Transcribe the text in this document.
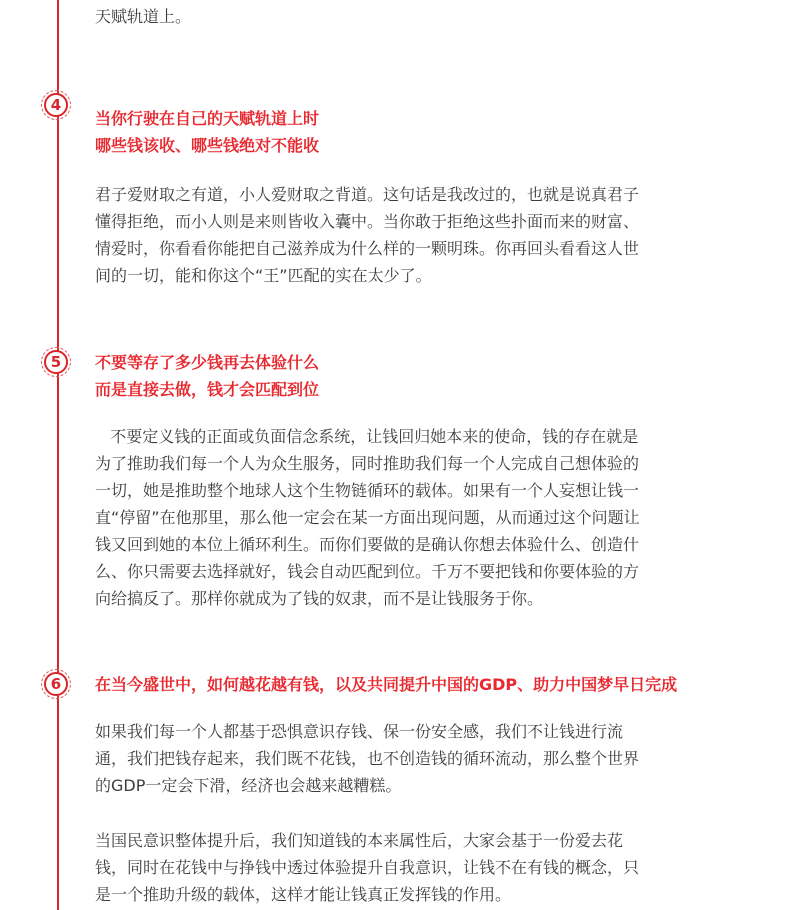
天赋轨道上。

4
当你行驶在自己的天赋轨道上时
哪些钱该收、哪些钱绝对不能收

君子爱财取之有道，小人爱财取之背道。这句话是我改过的，也就是说真君子

懂得拒绝，而小人则是来则皆收入囊中。当你敢于拒绝这些扑面而来的财富、

情爱时，你看看你能把自己滋养成为什么样的一颗明珠。你再回头看看这人世

间的一切，能和你这个“王”匹配的实在太少了。

5	不要等存了多少钱再去体验什么
而是直接去做，钱才会匹配到位

不要定义钱的正面或负面信念系统，让钱回归她本来的使命，钱的存在就是

为了推助我们每一个人为众生服务，同时推助我们每一个人完成自己想体验的

一切，她是推助整个地球人这个生物链循环的载体。如果有一个人妄想让钱一

直“停留”在他那里，那么他一定会在某一方面出现问题，从而通过这个问题让

钱又回到她的本位上循环利生。而你们要做的是确认你想去体验什么、创造什

么、你只需要去选择就好，钱会自动匹配到位。千万不要把钱和你要体验的方

向给搞反了。那样你就成为了钱的奴隶，而不是让钱服务于你。

6	在当今盛世中，如何越花越有钱，以及共同提升中国的GDP、助力中国梦早日完成

如果我们每一个人都基于恐惧意识存钱、保一份安全感，我们不让钱进行流

通，我们把钱存起来，我们既不花钱，也不创造钱的循环流动，那么整个世界

的GDP一定会下滑，经济也会越来越糟糕。

当国民意识整体提升后，我们知道钱的本来属性后，大家会基于一份爱去花

钱，同时在花钱中与挣钱中透过体验提升自我意识，让钱不在有钱的概念，只

是一个推助升级的载体，这样才能让钱真正发挥钱的作用。
